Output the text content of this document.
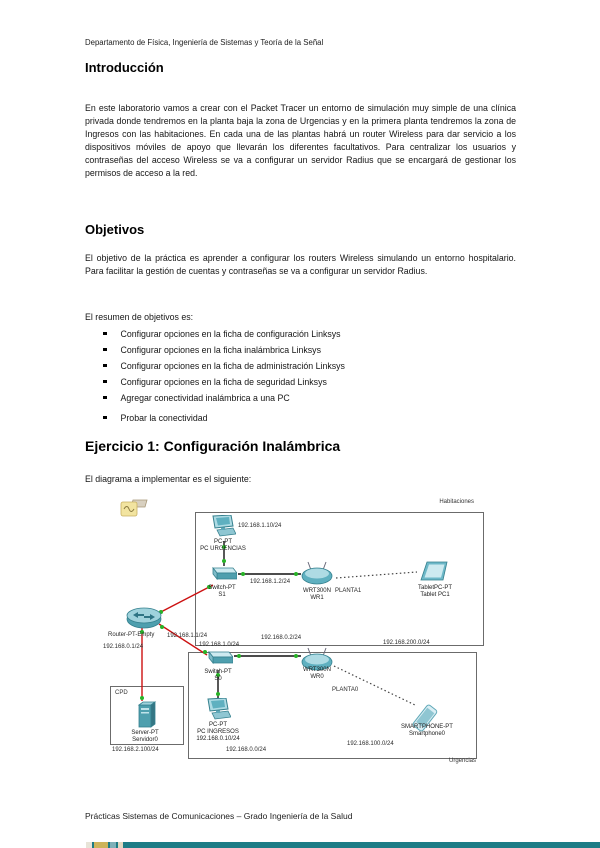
Departamento de Física, Ingeniería de Sistemas y Teoría de la Señal
Introducción
En este laboratorio vamos a crear con el Packet Tracer un entorno de simulación muy simple de una clínica privada donde tendremos en la planta baja la zona de Urgencias y en la primera planta tendremos la zona de Ingresos con las habitaciones. En cada una de las plantas habrá un router Wireless para dar servicio a los dispositivos móviles de apoyo que llevarán los diferentes facultativos. Para centralizar los usuarios y contraseñas del acceso Wireless se va a configurar un servidor Radius que se encargará de gestionar los permisos de acceso a la red.
Objetivos
El objetivo de la práctica es aprender a configurar los routers Wireless simulando un entorno hospitalario. Para facilitar la gestión de cuentas y contraseñas se va a configurar un servidor Radius.
El resumen de objetivos es:
Configurar opciones en la ficha de configuración Linksys
Configurar opciones en la ficha inalámbrica Linksys
Configurar opciones en la ficha de administración Linksys
Configurar opciones en la ficha de seguridad Linksys
Agregar conectividad inalámbrica a una PC
Probar la conectividad
Ejercicio 1: Configuración Inalámbrica
El diagrama a implementar es el siguiente:
Habitaciones
Urgencias
CPD
PLANTA1
PLANTA0
PC-PT
PC URGENCIAS
192.168.1.10/24
Switch-PT
S1
192.168.1.2/24
WRT300N
WR1
TabletPC-PT
Tablet PC1
Router-PT-Empty 192.168.1.1/24
192.168.0.1/24	192.168.1.0/24	192.168.200.0/24
192.168.0.2/24
Switch-PT
S0
PC-PT
PC INGRESOS
192.168.0.10/24
WRT300N
WR0
SMARTPHONE-PT
Smartphone0
192.168.0.0/24
192.168.100.0/24
Server-PT
Servidor0
192.168.2.100/24
Prácticas Sistemas de Comunicaciones – Grado Ingeniería de la Salud
